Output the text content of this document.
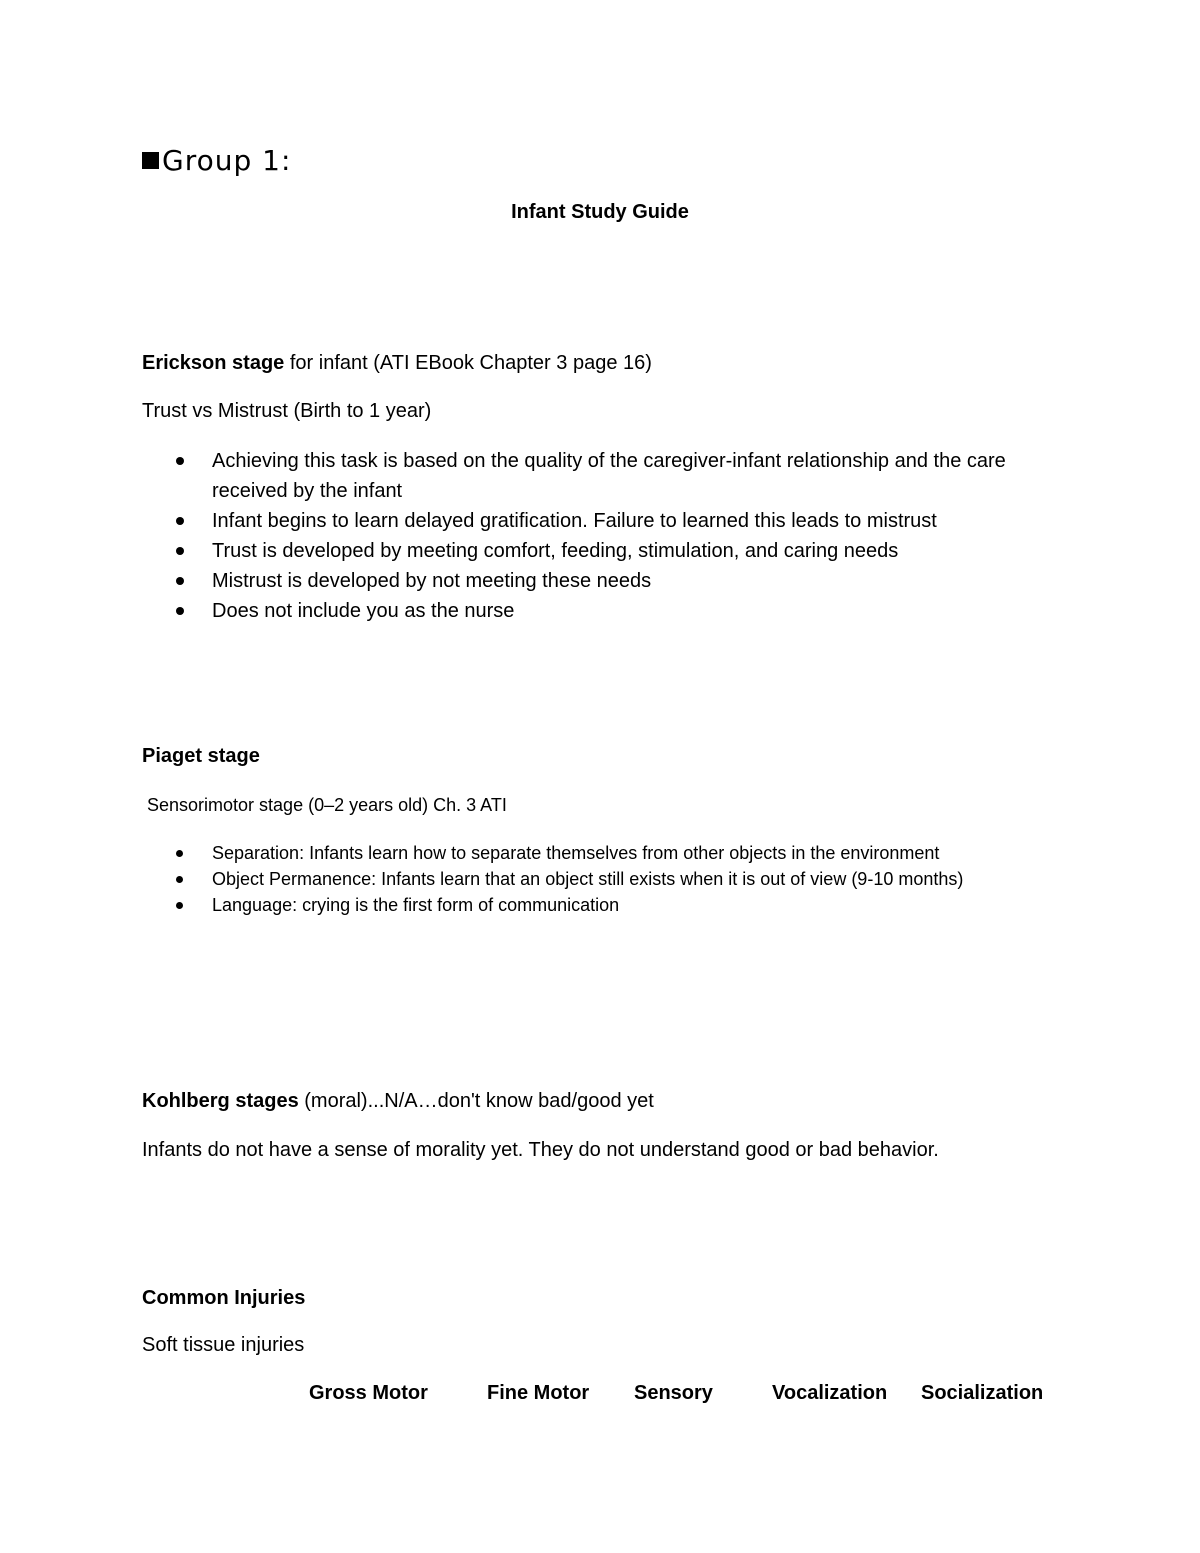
Group 1:
Infant Study Guide
Erickson stage for infant (ATI EBook Chapter 3 page 16)
Trust vs Mistrust (Birth to 1 year)
Achieving this task is based on the quality of the caregiver-infant relationship and the care received by the infant
Infant begins to learn delayed gratification. Failure to learned this leads to mistrust
Trust is developed by meeting comfort, feeding, stimulation, and caring needs
Mistrust is developed by not meeting these needs
Does not include you as the nurse
Piaget stage
Sensorimotor stage (0–2 years old) Ch. 3 ATI
Separation: Infants learn how to separate themselves from other objects in the environment
Object Permanence: Infants learn that an object still exists when it is out of view (9-10 months)
Language: crying is the first form of communication
Kohlberg stages (moral)...N/A…don't know bad/good yet
Infants do not have a sense of morality yet. They do not understand good or bad behavior.
Common Injuries
Soft tissue injuries
Gross Motor	Fine Motor Sensory	Vocalization Socialization
